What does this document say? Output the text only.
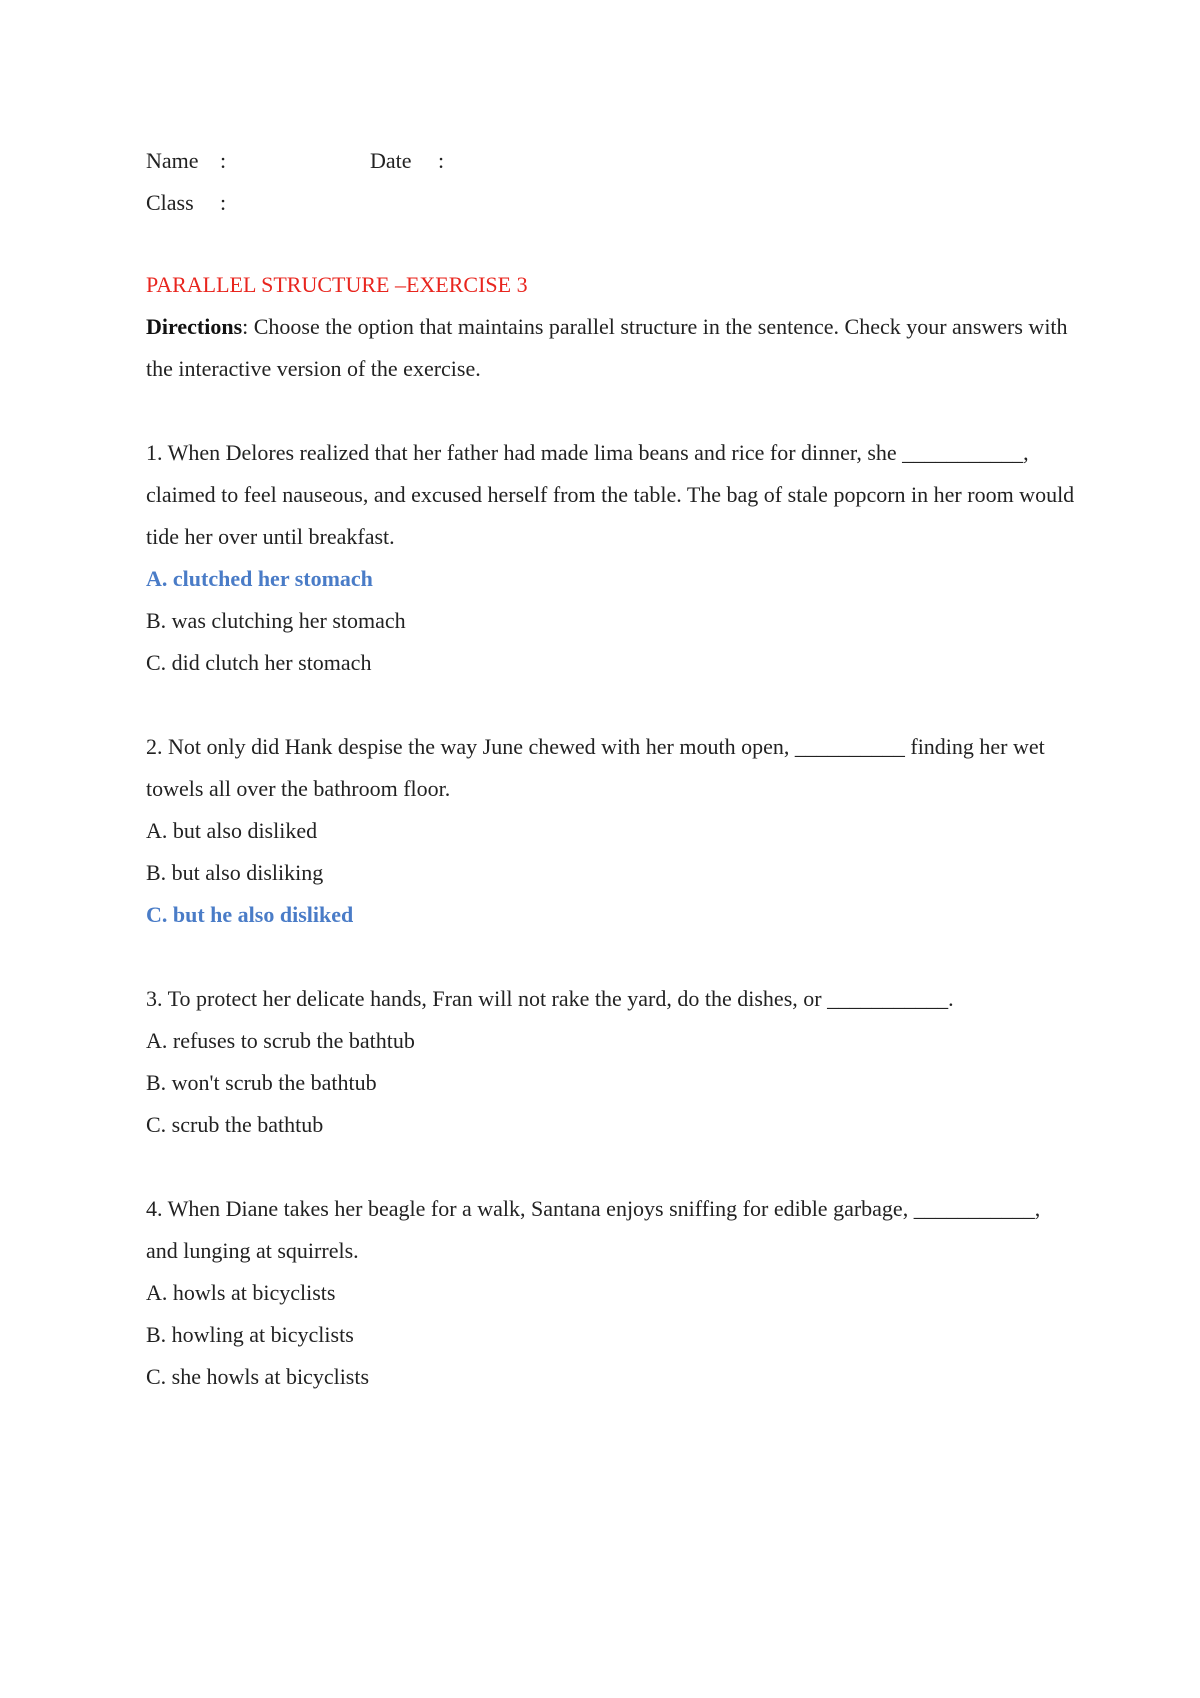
Name :	Date :
Class :
PARALLEL STRUCTURE –EXERCISE 3
Directions: Choose the option that maintains parallel structure in the sentence. Check your answers with the interactive version of the exercise.
1. When Delores realized that her father had made lima beans and rice for dinner, she ___________, claimed to feel nauseous, and excused herself from the table. The bag of stale popcorn in her room would tide her over until breakfast.
A. clutched her stomach
B. was clutching her stomach
C. did clutch her stomach
2. Not only did Hank despise the way June chewed with her mouth open, __________ finding her wet towels all over the bathroom floor.
A. but also disliked
B. but also disliking
C. but he also disliked
3. To protect her delicate hands, Fran will not rake the yard, do the dishes, or ___________.
A. refuses to scrub the bathtub
B. won't scrub the bathtub
C. scrub the bathtub
4. When Diane takes her beagle for a walk, Santana enjoys sniffing for edible garbage, ___________, and lunging at squirrels.
A. howls at bicyclists
B. howling at bicyclists
C. she howls at bicyclists
